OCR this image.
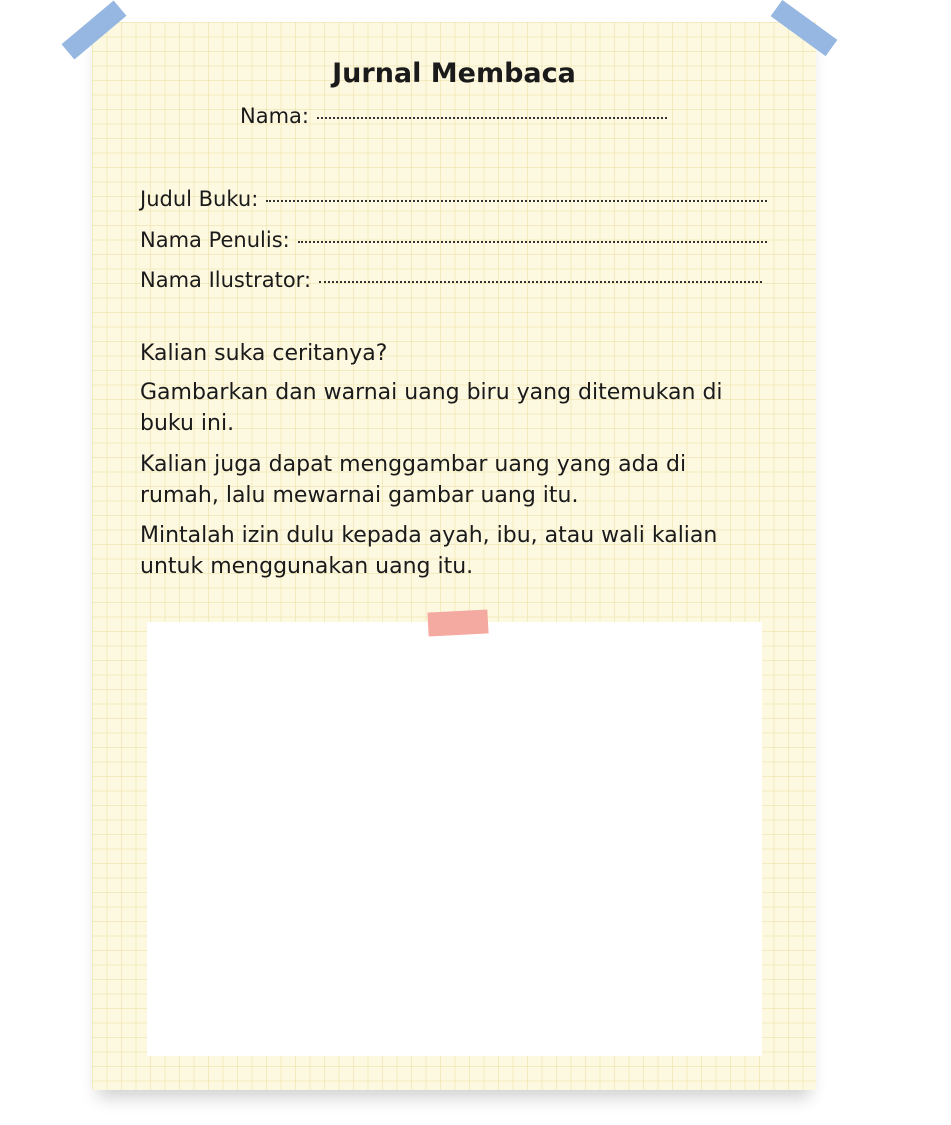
Jurnal Membaca
Nama:
Judul Buku:
Nama Penulis:
Nama Ilustrator:

Kalian suka ceritanya?

Gambarkan dan warnai uang biru yang ditemukan di buku ini.

Kalian juga dapat menggambar uang yang ada di rumah, lalu mewarnai gambar uang itu.

Mintalah izin dulu kepada ayah, ibu, atau wali kalian untuk menggunakan uang itu.
